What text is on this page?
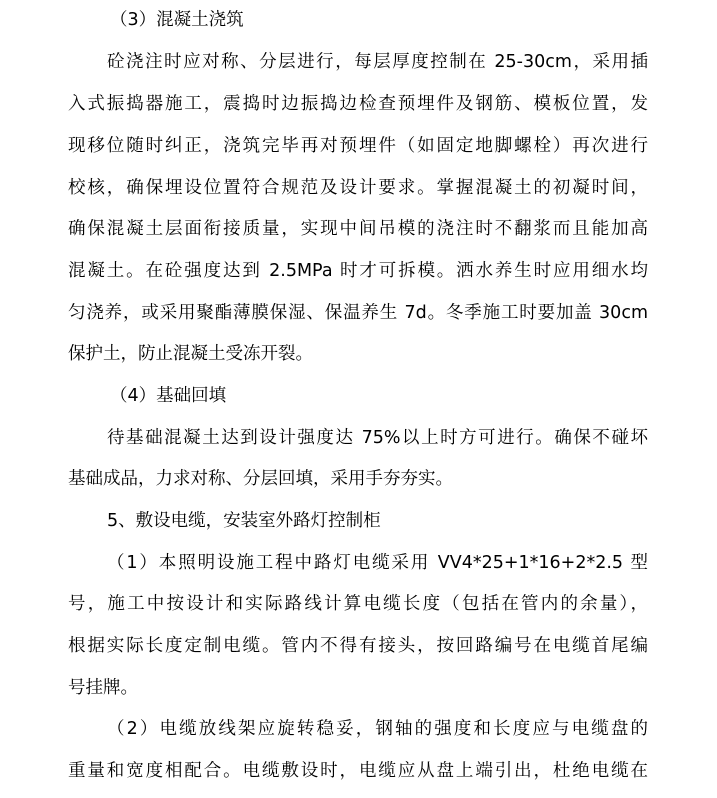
（3）混凝土浇筑
砼浇注时应对称、分层进行，每层厚度控制在 25-30cm，采用插
入式振捣器施工，震捣时边振捣边检查预埋件及钢筋、模板位置，发
现移位随时纠正，浇筑完毕再对预埋件（如固定地脚螺栓）再次进行
校核，确保埋设位置符合规范及设计要求。掌握混凝土的初凝时间，
确保混凝土层面衔接质量，实现中间吊模的浇注时不翻浆而且能加高
混凝土。在砼强度达到 2.5MPa 时才可拆模。洒水养生时应用细水均
匀浇养，或采用聚酯薄膜保湿、保温养生 7d。冬季施工时要加盖 30cm
保护土，防止混凝土受冻开裂。
（4）基础回填
待基础混凝土达到设计强度达 75%以上时方可进行。确保不碰坏
基础成品，力求对称、分层回填，采用手夯夯实。
5、敷设电缆，安装室外路灯控制柜
（1）本照明设施工程中路灯电缆采用 VV4*25+1*16+2*2.5 型
号，施工中按设计和实际路线计算电缆长度（包括在管内的余量），
根据实际长度定制电缆。管内不得有接头，按回路编号在电缆首尾编
号挂牌。
（2）电缆放线架应旋转稳妥，钢轴的强度和长度应与电缆盘的
重量和宽度相配合。电缆敷设时，电缆应从盘上端引出，杜绝电缆在
